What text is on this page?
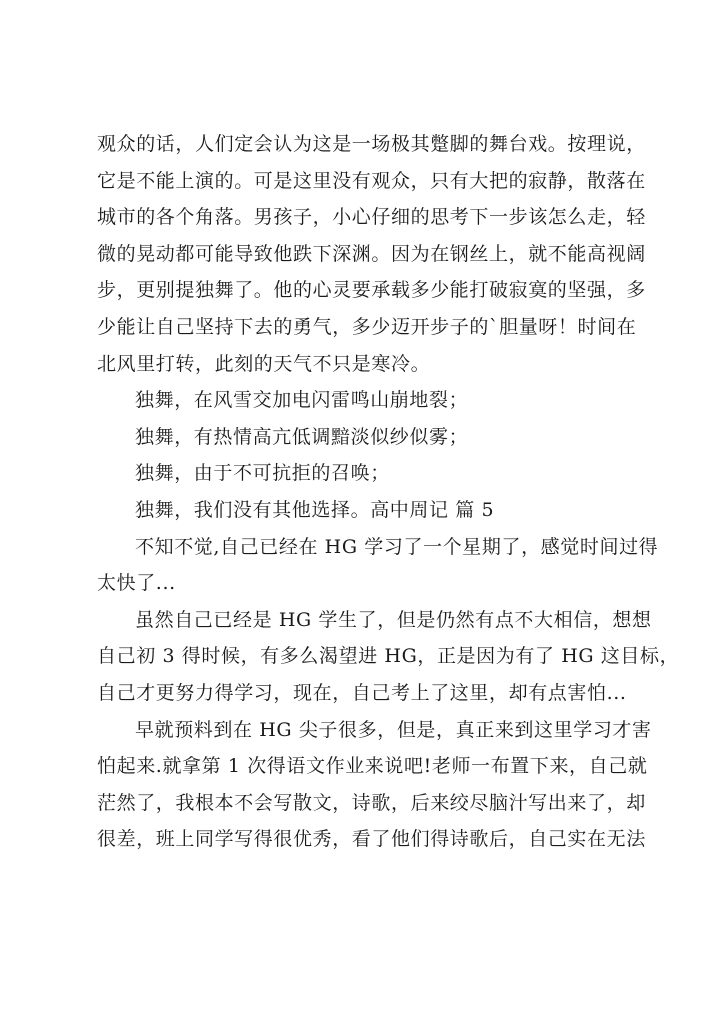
观众的话，人们定会认为这是一场极其蹩脚的舞台戏。按理说，
它是不能上演的。可是这里没有观众，只有大把的寂静，散落在
城市的各个角落。男孩子，小心仔细的思考下一步该怎么走，轻
微的晃动都可能导致他跌下深渊。因为在钢丝上，就不能高视阔
步，更别提独舞了。他的心灵要承载多少能打破寂寞的坚强，多
少能让自己坚持下去的勇气，多少迈开步子的`胆量呀！时间在
北风里打转，此刻的天气不只是寒冷。
独舞，在风雪交加电闪雷鸣山崩地裂；
独舞，有热情高亢低调黯淡似纱似雾；
独舞，由于不可抗拒的召唤；
独舞，我们没有其他选择。高中周记 篇 5
不知不觉,自己已经在 HG 学习了一个星期了，感觉时间过得
太快了...
虽然自己已经是 HG 学生了，但是仍然有点不大相信，想想
自己初 3 得时候，有多么渴望进 HG，正是因为有了 HG 这目标，
自己才更努力得学习，现在，自己考上了这里，却有点害怕...
早就预料到在 HG 尖子很多，但是，真正来到这里学习才害
怕起来.就拿第 1 次得语文作业来说吧!老师一布置下来，自己就
茫然了，我根本不会写散文，诗歌，后来绞尽脑汁写出来了，却
很差，班上同学写得很优秀，看了他们得诗歌后，自己实在无法
